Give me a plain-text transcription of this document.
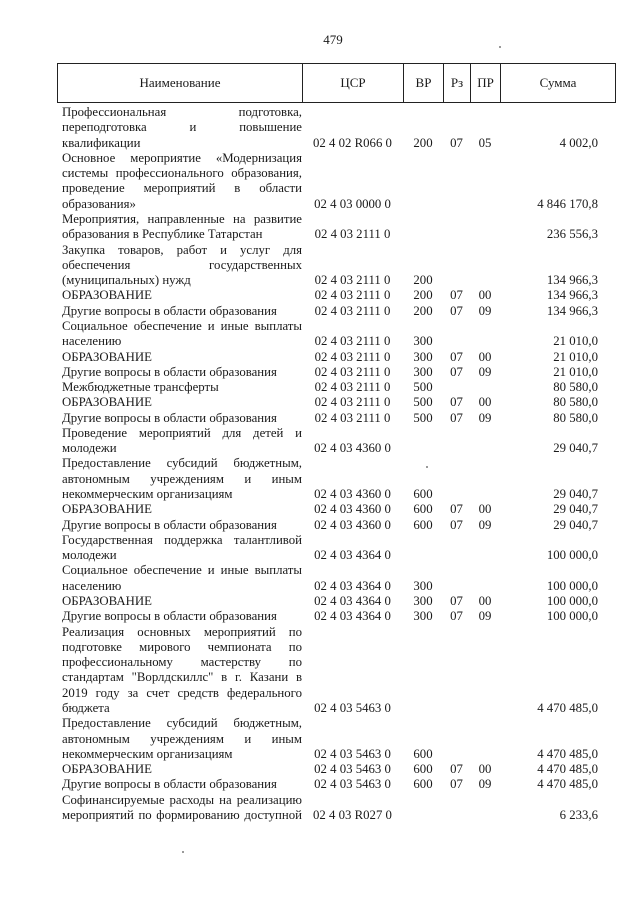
479
Наименование	ЦСР	ВР	Рз	ПР	Сумма
Профессиональная подготовка,
переподготовка и повышение
квалификации	02 4 02 R066 0	200	07	05	4 002,0
Основное мероприятие «Модернизация
системы профессионального образования,
проведение мероприятий в области
образования»	02 4 03 0000 0	4 846 170,8
Мероприятия, направленные на развитие
образования в Республике Татарстан	02 4 03 2111 0	236 556,3
Закупка товаров, работ и услуг для
обеспечения государственных
(муниципальных) нужд	02 4 03 2111 0	200	134 966,3
ОБРАЗОВАНИЕ	02 4 03 2111 0	200	07	00	134 966,3
Другие вопросы в области образования	02 4 03 2111 0	200	07	09	134 966,3
Социальное обеспечение и иные выплаты
населению	02 4 03 2111 0	300	21 010,0
ОБРАЗОВАНИЕ	02 4 03 2111 0	300	07	00	21 010,0
Другие вопросы в области образования	02 4 03 2111 0	300	07	09	21 010,0
Межбюджетные трансферты	02 4 03 2111 0	500	80 580,0
ОБРАЗОВАНИЕ	02 4 03 2111 0	500	07	00	80 580,0
Другие вопросы в области образования	02 4 03 2111 0	500	07	09	80 580,0
Проведение мероприятий для детей и
молодежи	02 4 03 4360 0	29 040,7
Предоставление субсидий бюджетным,
автономным учреждениям и иным
некоммерческим организациям	02 4 03 4360 0	600	29 040,7
ОБРАЗОВАНИЕ	02 4 03 4360 0	600	07	00	29 040,7
Другие вопросы в области образования	02 4 03 4360 0	600	07	09	29 040,7
Государственная поддержка талантливой
молодежи	02 4 03 4364 0	100 000,0
Социальное обеспечение и иные выплаты
населению	02 4 03 4364 0	300	100 000,0
ОБРАЗОВАНИЕ	02 4 03 4364 0	300	07	00	100 000,0
Другие вопросы в области образования	02 4 03 4364 0	300	07	09	100 000,0
Реализация основных мероприятий по
подготовке мирового чемпионата по
профессиональному мастерству по
стандартам "Ворлдскиллс" в г. Казани в
2019 году за счет средств федерального
бюджета	02 4 03 5463 0	4 470 485,0
Предоставление субсидий бюджетным,
автономным учреждениям и иным
некоммерческим организациям	02 4 03 5463 0	600	4 470 485,0
ОБРАЗОВАНИЕ	02 4 03 5463 0	600	07	00	4 470 485,0
Другие вопросы в области образования	02 4 03 5463 0	600	07	09	4 470 485,0
Софинансируемые расходы на реализацию
мероприятий по формированию доступной 02 4 03 R027 0	6 233,6
